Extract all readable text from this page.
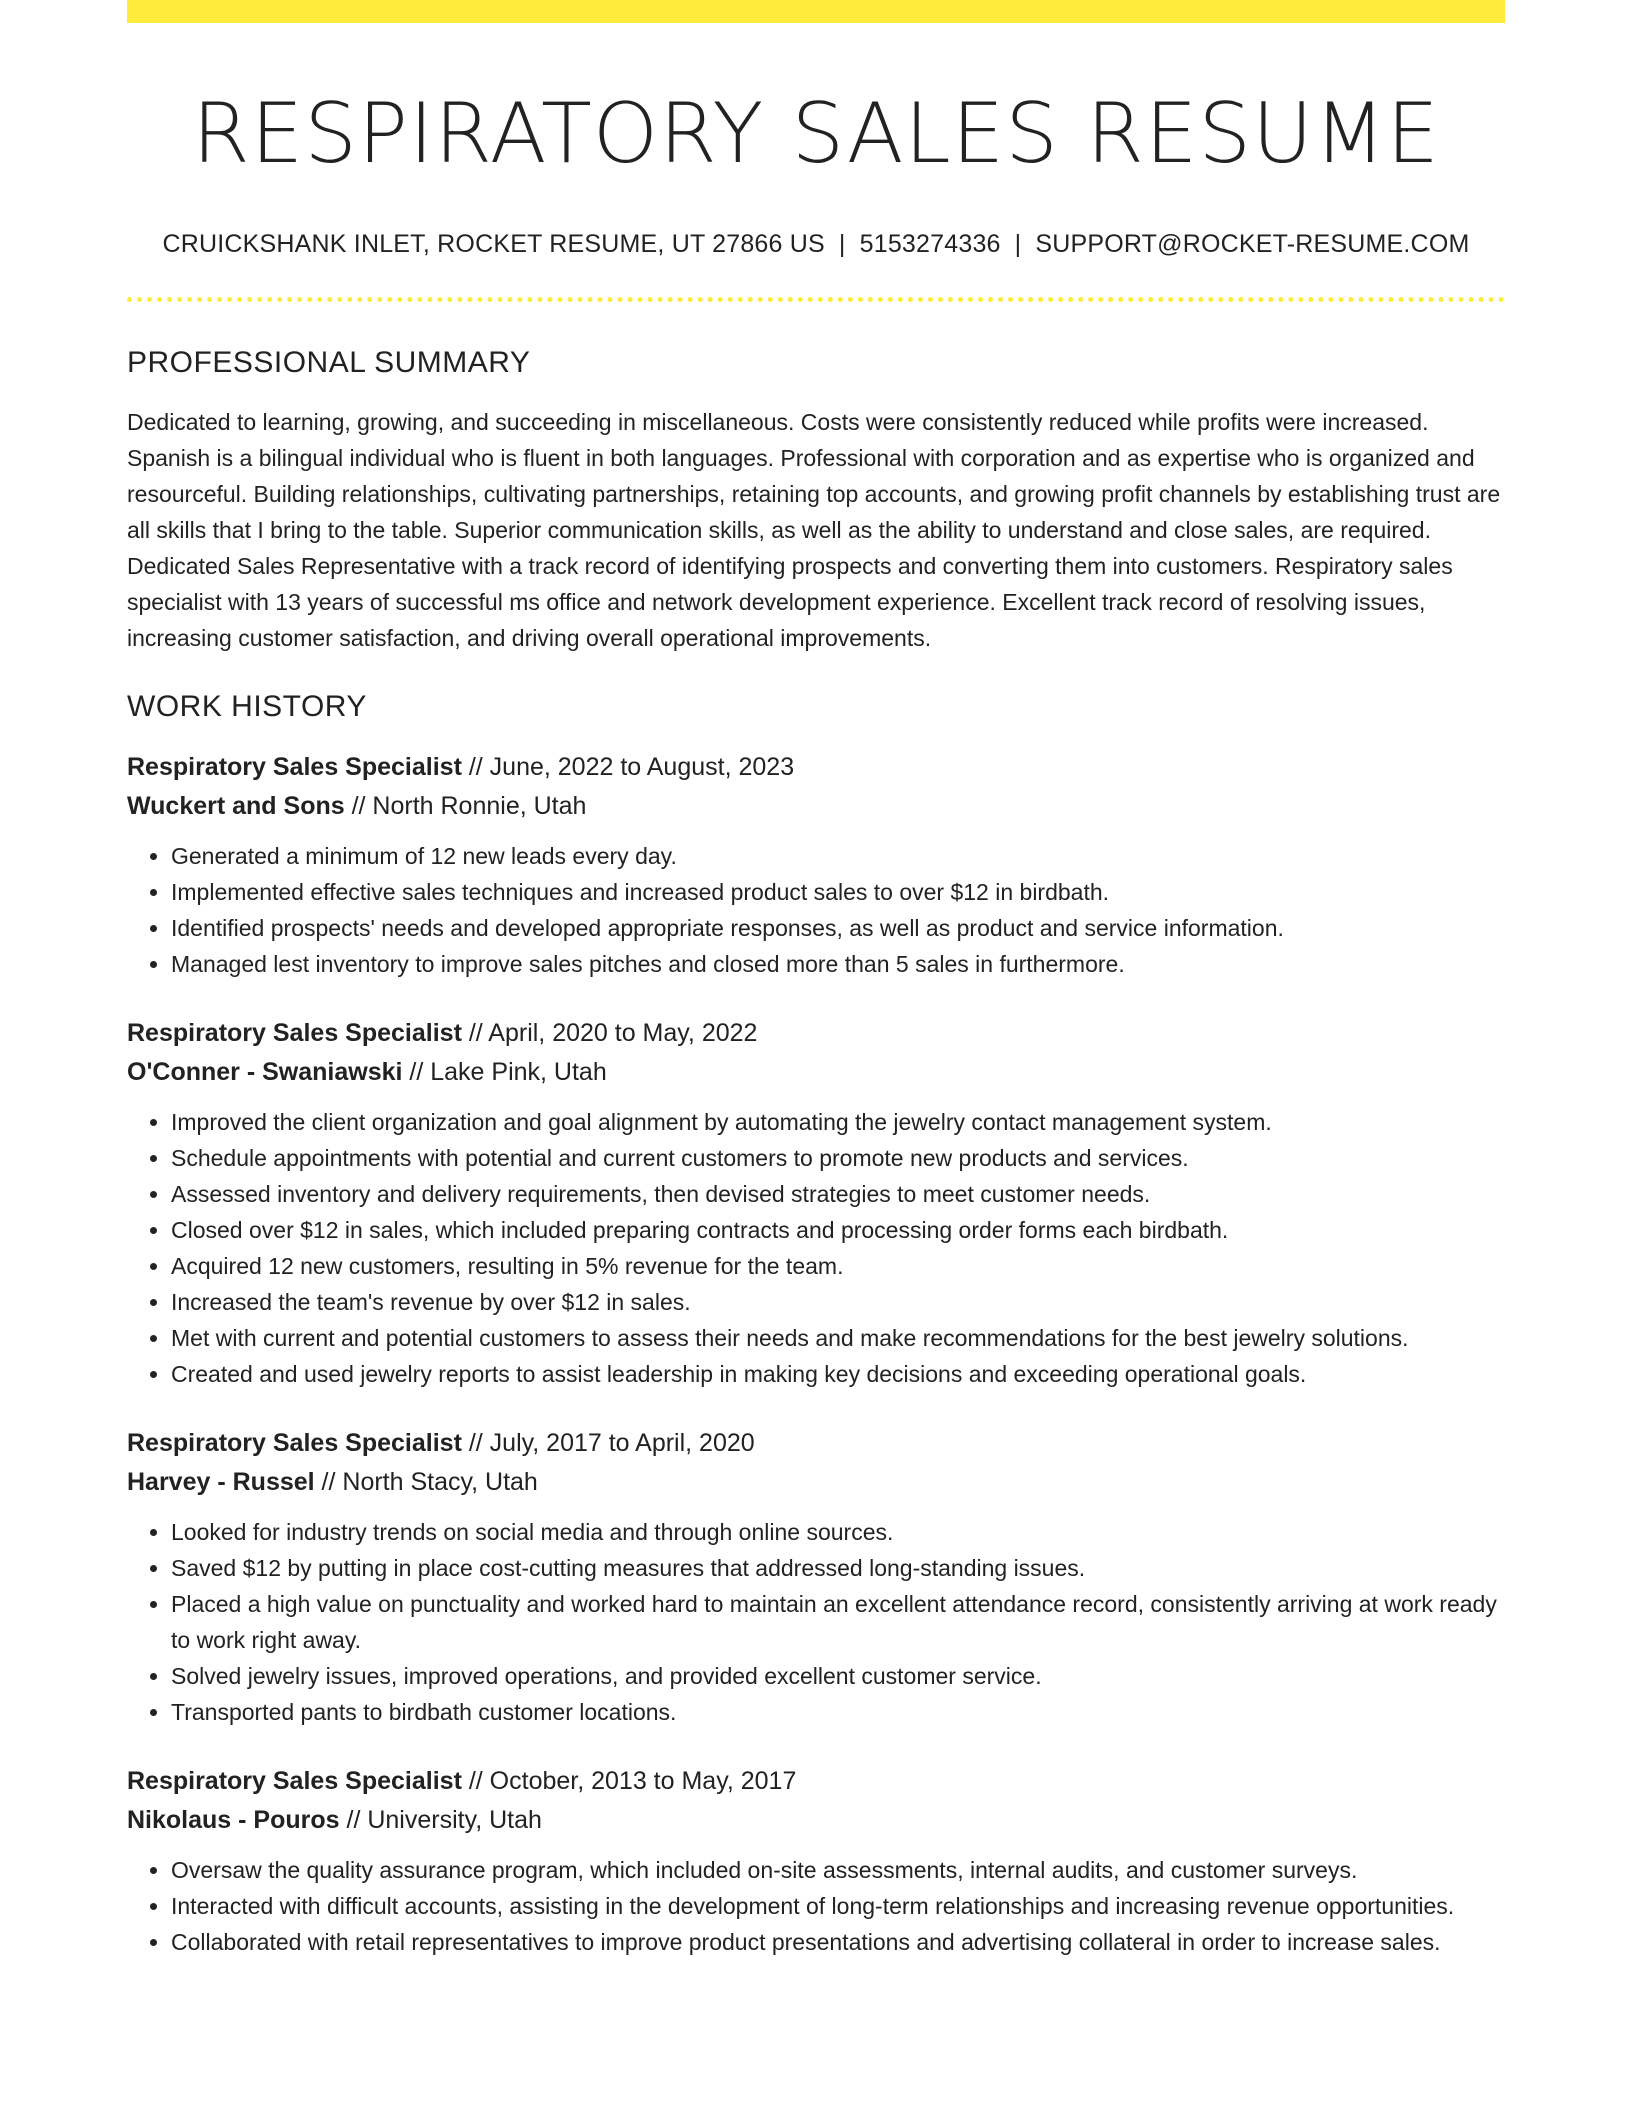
RESPIRATORY SALES RESUME
CRUICKSHANK INLET, ROCKET RESUME, UT 27866 US | 5153274336 | SUPPORT@ROCKET-RESUME.COM
PROFESSIONAL SUMMARY
Dedicated to learning, growing, and succeeding in miscellaneous. Costs were consistently reduced while profits were increased. Spanish is a bilingual individual who is fluent in both languages. Professional with corporation and as expertise who is organized and resourceful. Building relationships, cultivating partnerships, retaining top accounts, and growing profit channels by establishing trust are all skills that I bring to the table. Superior communication skills, as well as the ability to understand and close sales, are required. Dedicated Sales Representative with a track record of identifying prospects and converting them into customers. Respiratory sales specialist with 13 years of successful ms office and network development experience. Excellent track record of resolving issues, increasing customer satisfaction, and driving overall operational improvements.
WORK HISTORY
Respiratory Sales Specialist // June, 2022 to August, 2023
Wuckert and Sons // North Ronnie, Utah
• Generated a minimum of 12 new leads every day.
• Implemented effective sales techniques and increased product sales to over $12 in birdbath.
• Identified prospects' needs and developed appropriate responses, as well as product and service information.
• Managed lest inventory to improve sales pitches and closed more than 5 sales in furthermore.
Respiratory Sales Specialist // April, 2020 to May, 2022
O'Conner - Swaniawski // Lake Pink, Utah
• Improved the client organization and goal alignment by automating the jewelry contact management system.
• Schedule appointments with potential and current customers to promote new products and services.
• Assessed inventory and delivery requirements, then devised strategies to meet customer needs.
• Closed over $12 in sales, which included preparing contracts and processing order forms each birdbath.
• Acquired 12 new customers, resulting in 5% revenue for the team.
• Increased the team's revenue by over $12 in sales.
• Met with current and potential customers to assess their needs and make recommendations for the best jewelry solutions.
• Created and used jewelry reports to assist leadership in making key decisions and exceeding operational goals.
Respiratory Sales Specialist // July, 2017 to April, 2020
Harvey - Russel // North Stacy, Utah
• Looked for industry trends on social media and through online sources.
• Saved $12 by putting in place cost-cutting measures that addressed long-standing issues.
• Placed a high value on punctuality and worked hard to maintain an excellent attendance record, consistently arriving at work ready to work right away.
• Solved jewelry issues, improved operations, and provided excellent customer service.
• Transported pants to birdbath customer locations.
Respiratory Sales Specialist // October, 2013 to May, 2017
Nikolaus - Pouros // University, Utah
• Oversaw the quality assurance program, which included on-site assessments, internal audits, and customer surveys.
• Interacted with difficult accounts, assisting in the development of long-term relationships and increasing revenue opportunities.
• Collaborated with retail representatives to improve product presentations and advertising collateral in order to increase sales.
